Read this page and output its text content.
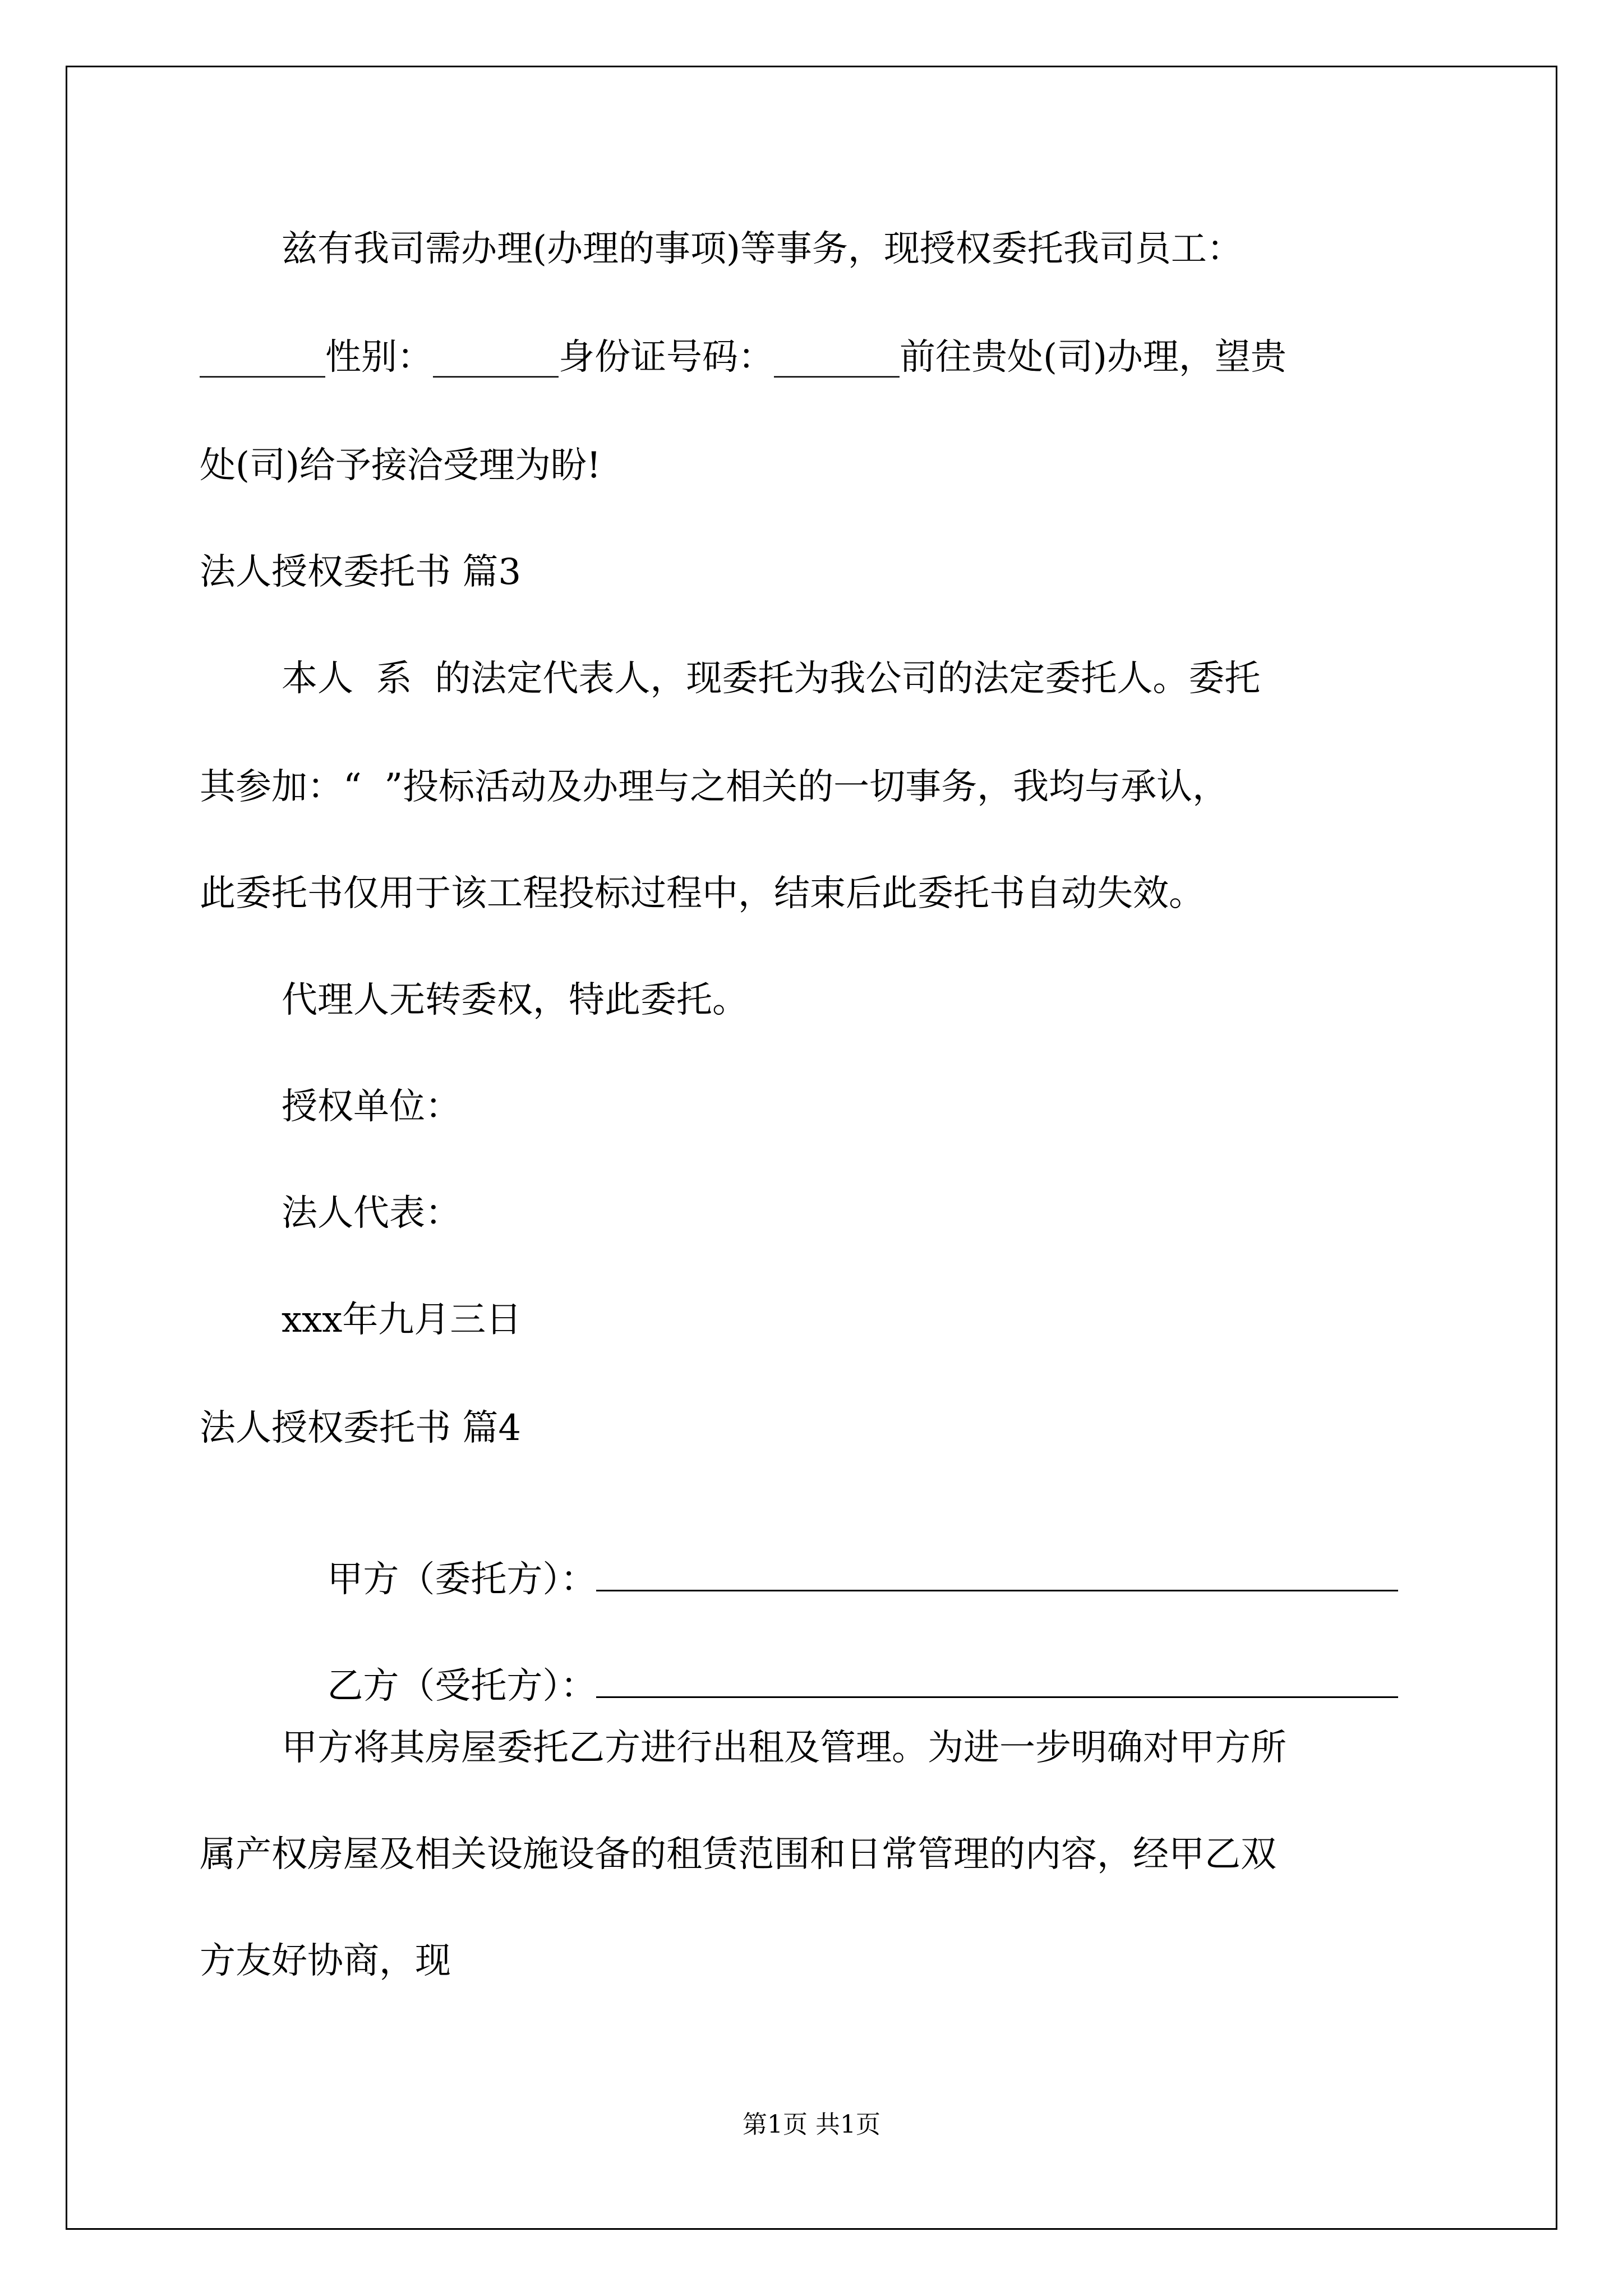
兹有我司需办理(办理的事项)等事务，现授权委托我司员工：
_______性别：_______身份证号码：_______前往贵处(司)办理，望贵
处(司)给予接洽受理为盼!
法人授权委托书 篇3
本人  系  的法定代表人，现委托为我公司的法定委托人。委托
其参加：“  ”投标活动及办理与之相关的一切事务，我均与承认，
此委托书仅用于该工程投标过程中，结束后此委托书自动失效。
代理人无转委权，特此委托。
授权单位：
法人代表：
xxx年九月三日
法人授权委托书 篇4

甲方（委托方）：

乙方（受托方）：

甲方将其房屋委托乙方进行出租及管理。为进一步明确对甲方所
属产权房屋及相关设施设备的租赁范围和日常管理的内容，经甲乙双
方友好协商，现
第1页 共1页
